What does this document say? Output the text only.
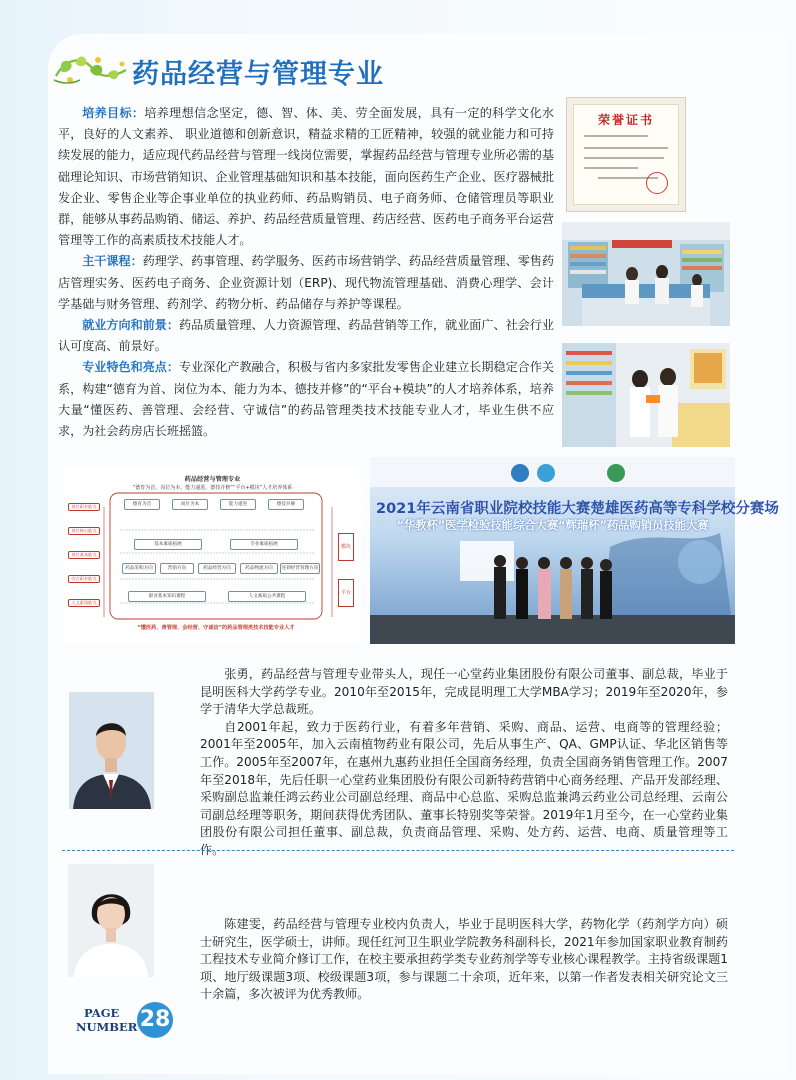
药品经营与管理专业

培养目标：培养理想信念坚定，德、智、体、美、劳全面发展，具有一定的科学文化水平，良好的人文素养、 职业道德和创新意识，精益求精的工匠精神，较强的就业能力和可持续发展的能力，适应现代药品经营与管理一线岗位需要，掌握药品经营与管理专业所必需的基础理论知识、市场营销知识、企业管理基础知识和基本技能，面向医药生产企业、医疗器械批发企业、零售企业等企事业单位的执业药师、药品购销员、电子商务师、仓储管理员等职业群，能够从事药品购销、储运、养护、药品经营质量管理、药店经营、医药电子商务平台运营管理等工作的高素质技术技能人才。

主干课程：药理学、药事管理、药学服务、医药市场营销学、药品经营质量管理、零售药店管理实务、医药电子商务、企业资源计划（ERP)、现代物流管理基础、消费心理学、会计学基础与财务管理、药剂学、药物分析、药品储存与养护等课程。

就业方向和前景：药品质量管理、人力资源管理、药品营销等工作，就业面广、社会行业认可度高、前景好。

专业特色和亮点：专业深化产教融合，积极与省内多家批发零售企业建立长期稳定合作关系，构建“德育为首、岗位为本、能力为本、德技并修”的“平台+模块”的人才培养体系，培养大量“懂医药、善管理、会经营、守诚信”的药品管理类技术技能专业人才，毕业生供不应求，为社会药房店长班摇篮。

荣誉证书
药品经营与管理专业
“德育为首、岗位为本、能力递进、德技并修”“平台+模块”人才培养体系
德育为首	岗位为本	能力递进	德技并修
基本素质拓展	专业素质拓展
药品采购方向	营销方向	药品经营方向	药品物流方向	连锁经营管理方向
职业基本知识课程	人文素质公共课程
岗位职业能力
岗位核心能力
岗位基本能力
综合职业能力
人文素质能力
模块
平台
“懂医药、善管理、会经营、守诚信”的药品管理类技术技能专业人才
2021年云南省职业院校技能大赛楚雄医药高等专科学校分赛场
“华教杯”医学检验技能综合大赛“辉瑞杯”药品购销员技能大赛

张勇，药品经营与管理专业带头人，现任一心堂药业集团股份有限公司董事、副总裁，毕业于昆明医科大学药学专业。2010年至2015年，完成昆明理工大学MBA学习；2019年至2020年，参学于清华大学总裁班。

自2001年起，致力于医药行业，有着多年营销、采购、商品、运营、电商等的管理经验；2001年至2005年，加入云南植物药业有限公司，先后从事生产、QA、GMP认证、华北区销售等工作。2005年至2007年，在惠州九惠药业担任全国商务经理，负责全国商务销售管理工作。2007年至2018年，先后任职一心堂药业集团股份有限公司新特药营销中心商务经理、产品开发部经理、采购副总监兼任鸿云药业公司副总经理、商品中心总监、采购总监兼鸿云药业公司总经理、云南公司副总经理等职务，期间获得优秀团队、董事长特别奖等荣誉。2019年1月至今，在一心堂药业集团股份有限公司担任董事、副总裁，负责商品管理、采购、处方药、运营、电商、质量管理等工作。

陈建雯，药品经营与管理专业校内负责人，毕业于昆明医科大学，药物化学（药剂学方向）硕士研究生，医学硕士，讲师。现任红河卫生职业学院教务科副科长，2021年参加国家职业教育制药工程技术专业简介修订工作，在校主要承担药学类专业药剂学等专业核心课程教学。主持省级课题1项、地厅级课题3项、校级课题3项，参与课题二十余项，近年来，以第一作者发表相关研究论文三十余篇，多次被评为优秀教师。

PAGE
NUMBER 28
